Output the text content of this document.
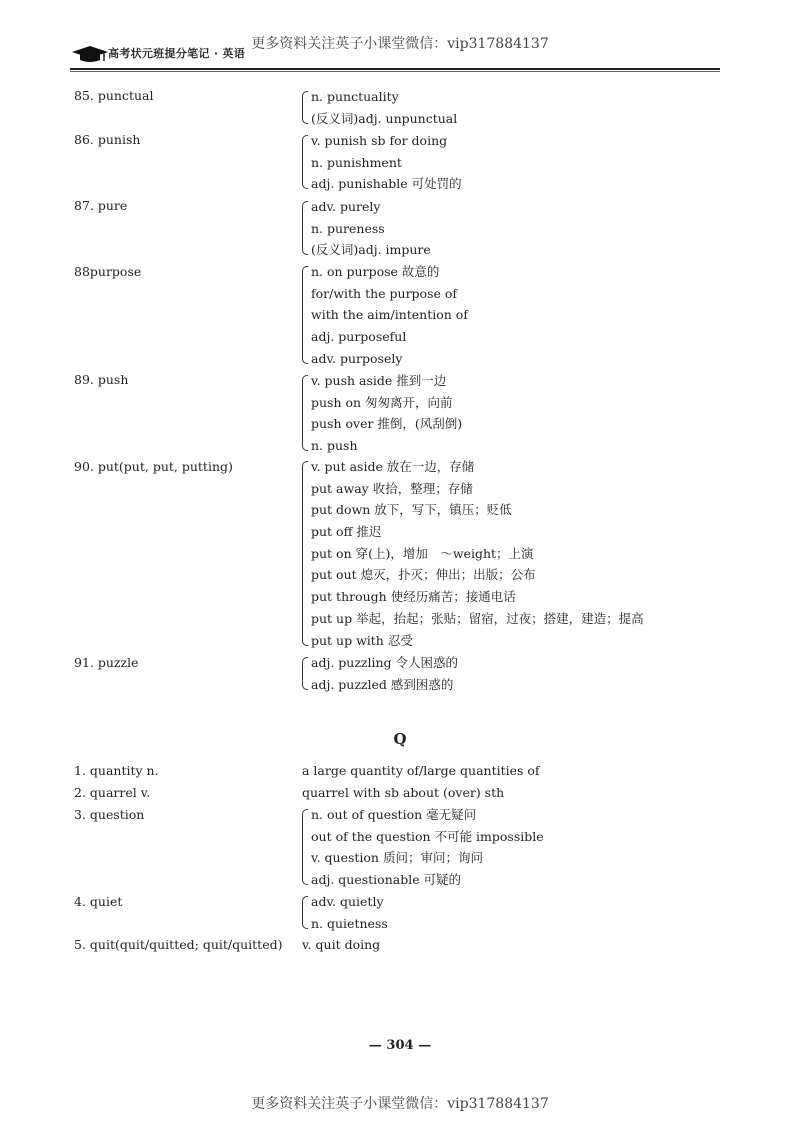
更多资料关注英子小课堂微信：vip317884137
高考状元班提分笔记 · 英语
85. punctual	n. punctuality
(反义词)adj. unpunctual
86. punish	v. punish sb for doing
n. punishment
adj. punishable 可处罚的
87. pure	adv. purely
n. pureness
(反义词)adj. impure
88purpose	n. on purpose 故意的
for/with the purpose of
with the aim/intention of
adj. purposeful
adv. purposely
89. push	v. push aside 推到一边
push on 匆匆离开，向前
push over 推倒，(风刮倒)
n. push
90. put(put, put, putting)	v. put aside 放在一边，存储
put away 收拾，整理；存储
put down 放下，写下，镇压；贬低
put off 推迟
put on 穿(上)，增加　～weight；上演
put out 熄灭，扑灭；伸出；出版；公布
put through 使经历痛苦；接通电话
put up 举起，抬起；张贴；留宿，过夜；搭建，建造；提高
put up with 忍受
91. puzzle	adj. puzzling 令人困惑的
adj. puzzled 感到困惑的
Q
1. quantity n.	a large quantity of/large quantities of
2. quarrel v.	quarrel with sb about (over) sth
3. question	n. out of question 毫无疑问
out of the question 不可能 impossible
v. question 质问；审问；询问
adj. questionable 可疑的
4. quiet	adv. quietly
n. quietness
5. quit(quit/quitted; quit/quitted) v. quit doing
— 304 —
更多资料关注英子小课堂微信：vip317884137
